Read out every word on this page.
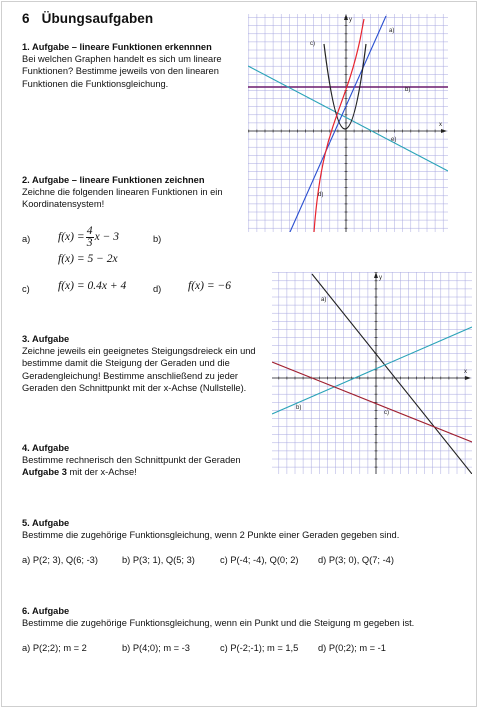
6 Übungsaufgaben
1. Aufgabe – lineare Funktionen erkennnen
Bei welchen Graphen handelt es sich um lineare
Funktionen? Bestimme jeweils von den linearen
Funktionen die Funktionsgleichung.
2. Aufgabe – lineare Funktionen zeichnen
Zeichne die folgenden linearen Funktionen in ein
Koordinatensystem!
a) $f(x) = \frac{4}{3}$ x − 3	b)
f(x) = 5 − 2x
c) f(x) = 0.4x + 4	d) f(x) = −6
3. Aufgabe
Zeichne jeweils ein geeignetes Steigungsdreieck ein und
bestimme damit die Steigung der Geraden und die
Geradengleichung! Bestimme anschließend zu jeder
Geraden den Schnittpunkt mit der x-Achse (Nullstelle).
4. Aufgabe
Bestimme rechnerisch den Schnittpunkt der Geraden
Aufgabe 3 mit der x-Achse!
5. Aufgabe
Bestimme die zugehörige Funktionsgleichung, wenn 2 Punkte einer Geraden gegeben sind.
a) P(2; 3), Q(6; -3)	b) P(3; 1), Q(5; 3)	c) P(-4; -4), Q(0; 2) d) P(3; 0), Q(7; -4)
6. Aufgabe
Bestimme die zugehörige Funktionsgleichung, wenn ein Punkt und die Steigung m gegeben ist.
a) P(2;2); m = 2	b) P(4;0); m = -3	c) P(-2;-1); m = 1,5 d) P(0;2); m = -1
x
y
a)
b)
c)
d)
e)
x
y
a)
b)
c)
